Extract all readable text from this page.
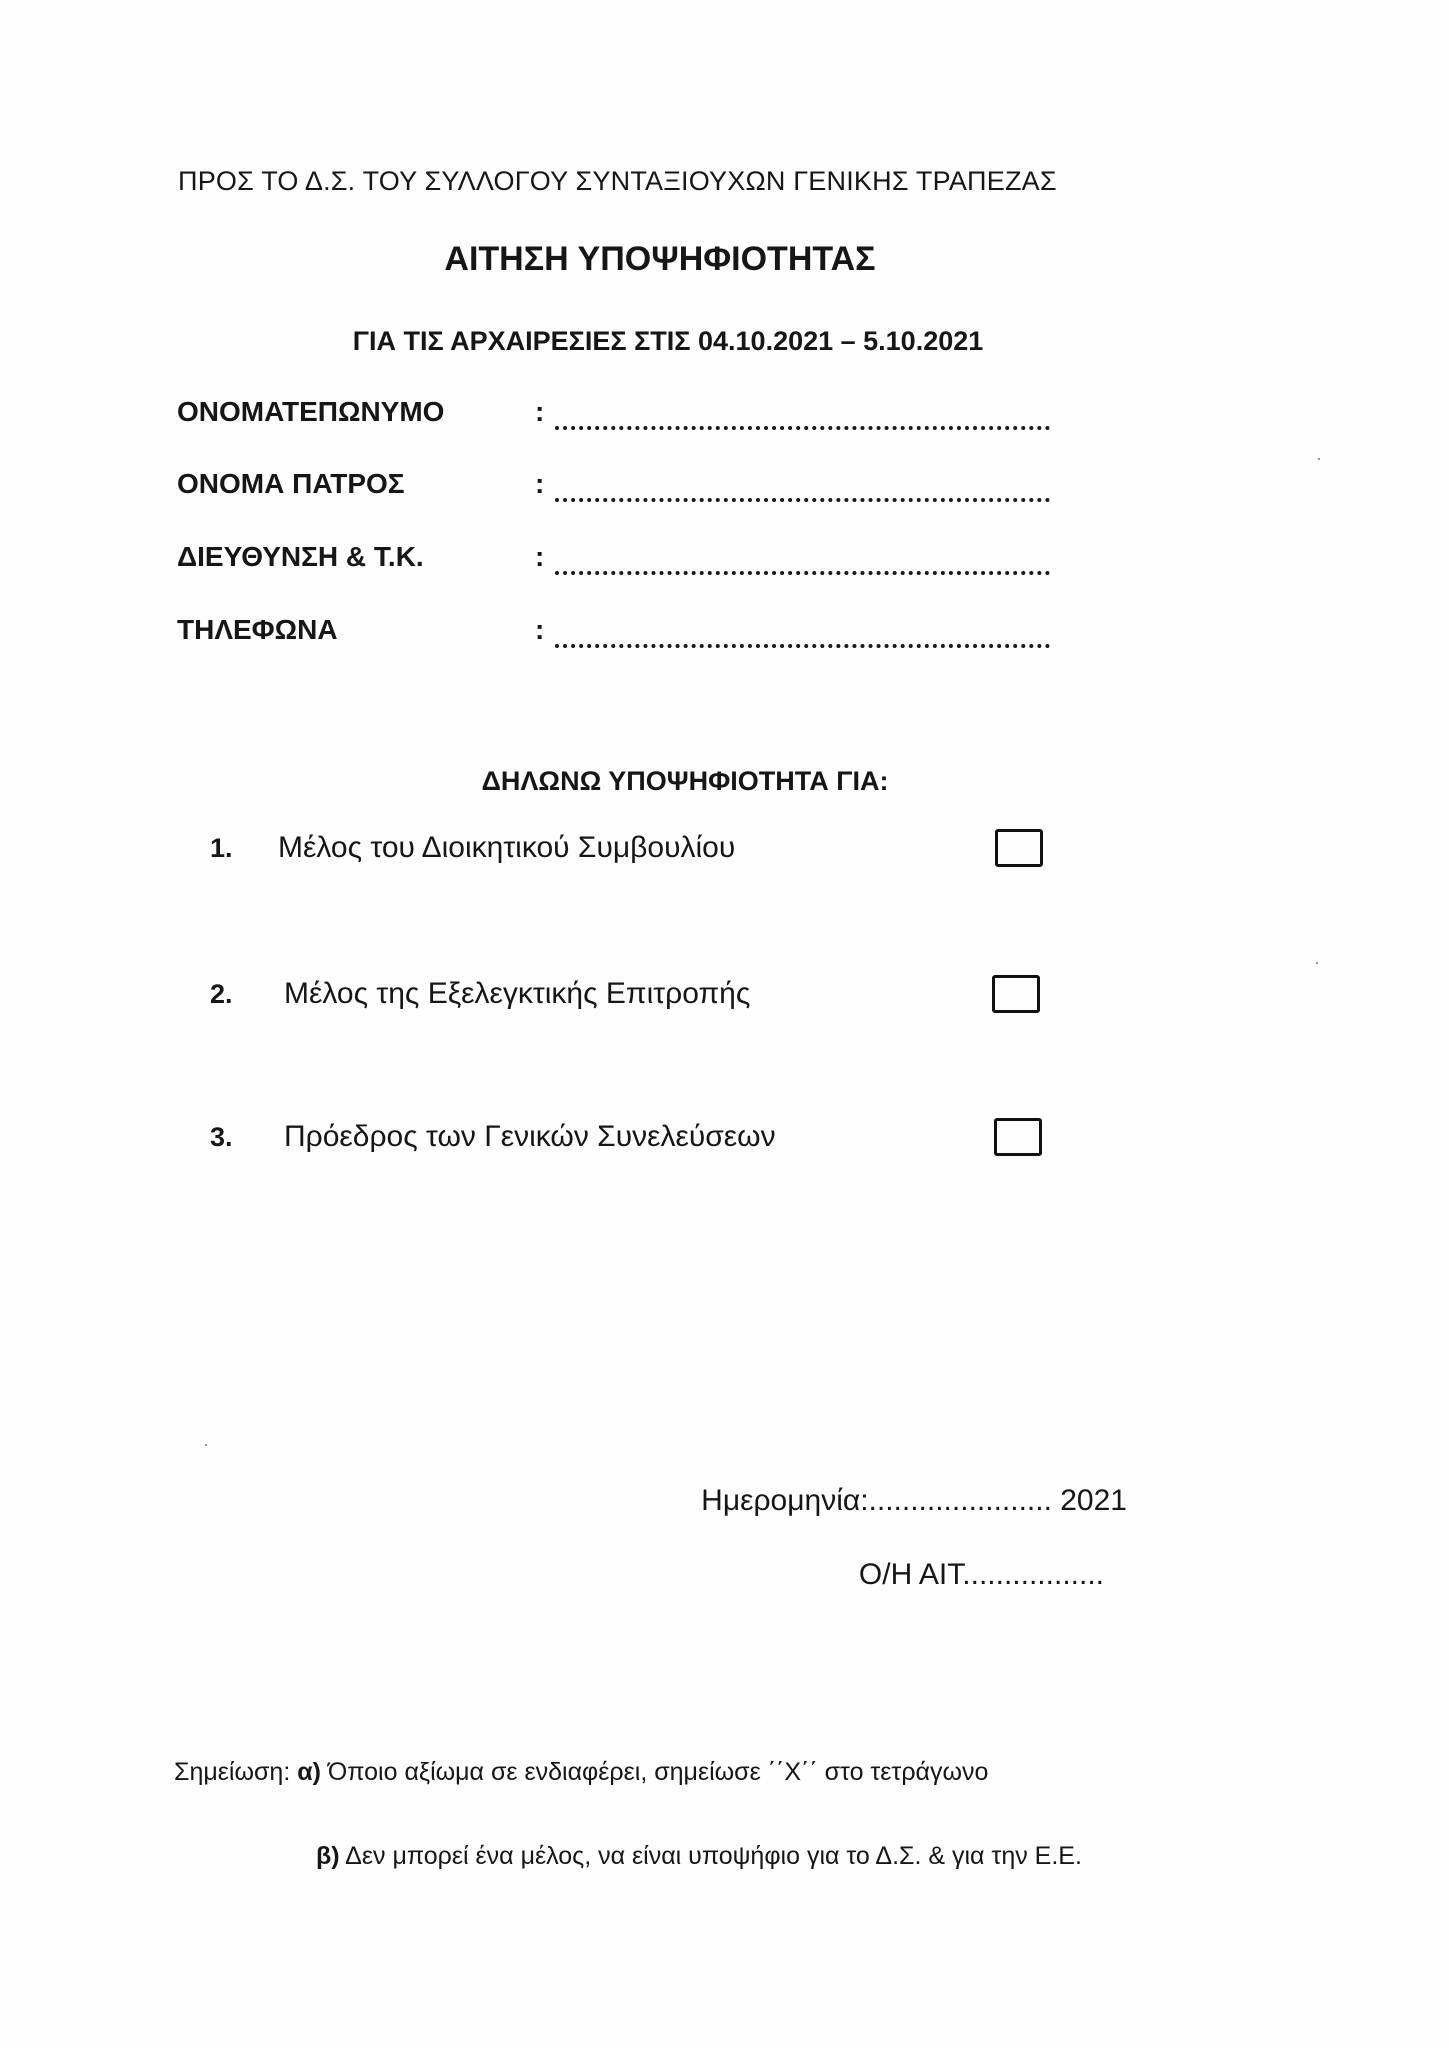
ΠΡΟΣ ΤΟ Δ.Σ. ΤΟΥ ΣΥΛΛΟΓΟΥ ΣΥΝΤΑΞΙΟΥΧΩΝ ΓΕΝΙΚΗΣ ΤΡΑΠΕΖΑΣ
ΑΙΤΗΣΗ ΥΠΟΨΗΦΙΟΤΗΤΑΣ
ΓΙΑ ΤΙΣ ΑΡΧΑΙΡΕΣΙΕΣ ΣΤΙΣ 04.10.2021 – 5.10.2021
ΟΝΟΜΑΤΕΠΩΝΥΜΟ	:
ΟΝΟΜΑ ΠΑΤΡΟΣ	:
ΔΙΕΥΘΥΝΣΗ & Τ.Κ.	:
ΤΗΛΕΦΩΝΑ	:
ΔΗΛΩΝΩ ΥΠΟΨΗΦΙΟΤΗΤΑ ΓΙΑ:
1. Μέλος του Διοικητικού Συμβουλίου
2. Μέλος της Εξελεγκτικής Επιτροπής
3. Πρόεδρος των Γενικών Συνελεύσεων
Ημερομηνία:...................... 2021
Ο/Η ΑΙΤ.................
Σημείωση: α) Όποιο αξίωμα σε ενδιαφέρει, σημείωσε ΄΄Χ΄΄ στο τετράγωνο
β) Δεν μπορεί ένα μέλος, να είναι υποψήφιο για το Δ.Σ. & για την Ε.Ε.
